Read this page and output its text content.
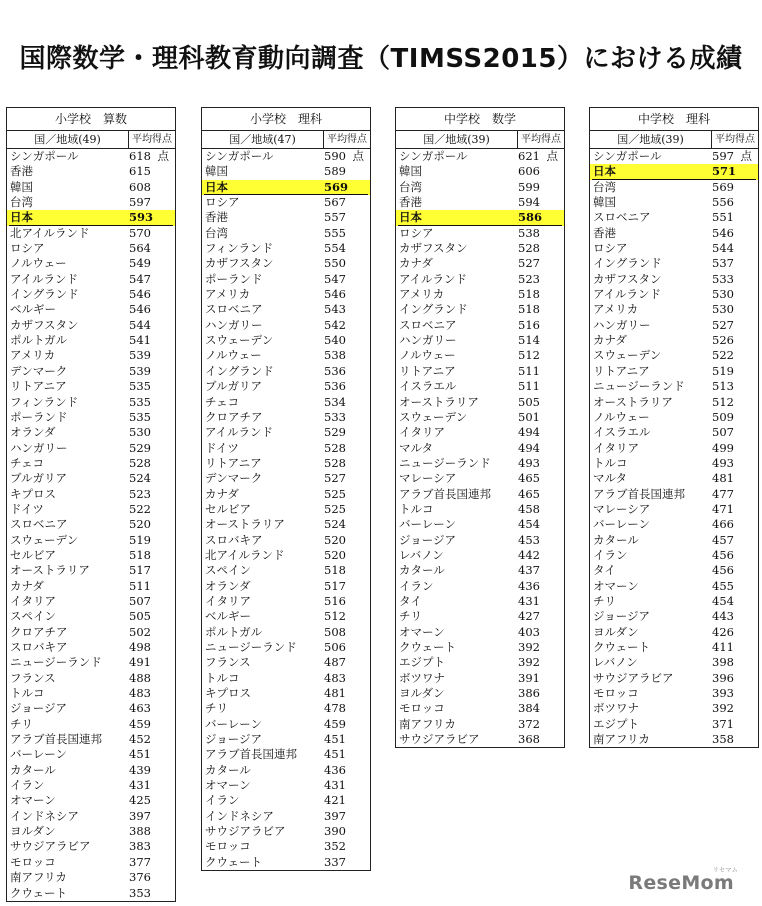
国際数学・理科教育動向調査（TIMSS2015）における成績
小学校　算数
国／地域(49)	平均得点
シンガポール	618 点
香港	615
韓国	608
台湾	597
日本	593
北アイルランド	570
ロシア	564
ノルウェー	549
アイルランド	547
イングランド	546
ベルギー	546
カザフスタン	544
ポルトガル	541
アメリカ	539
デンマーク	539
リトアニア	535
フィンランド	535
ポーランド	535
オランダ	530
ハンガリー	529
チェコ	528
ブルガリア	524
キプロス	523
ドイツ	522
スロベニア	520
スウェーデン	519
セルビア	518
オーストラリア	517
カナダ	511
イタリア	507
スペイン	505
クロアチア	502
スロバキア	498
ニュージーランド	491
フランス	488
トルコ	483
ジョージア	463
チリ	459
アラブ首長国連邦	452
バーレーン	451
カタール	439
イラン	431
オマーン	425
インドネシア	397
ヨルダン	388
サウジアラビア	383
モロッコ	377
南アフリカ	376
クウェート	353
小学校　理科
国／地域(47)	平均得点
シンガポール	590 点
韓国	589
日本	569
ロシア	567
香港	557
台湾	555
フィンランド	554
カザフスタン	550
ポーランド	547
アメリカ	546
スロベニア	543
ハンガリー	542
スウェーデン	540
ノルウェー	538
イングランド	536
ブルガリア	536
チェコ	534
クロアチア	533
アイルランド	529
ドイツ	528
リトアニア	528
デンマーク	527
カナダ	525
セルビア	525
オーストラリア	524
スロバキア	520
北アイルランド	520
スペイン	518
オランダ	517
イタリア	516
ベルギー	512
ポルトガル	508
ニュージーランド	506
フランス	487
トルコ	483
キプロス	481
チリ	478
バーレーン	459
ジョージア	451
アラブ首長国連邦	451
カタール	436
オマーン	431
イラン	421
インドネシア	397
サウジアラビア	390
モロッコ	352
クウェート	337
中学校　数学
国／地域(39)	平均得点
シンガポール	621 点
韓国	606
台湾	599
香港	594
日本	586
ロシア	538
カザフスタン	528
カナダ	527
アイルランド	523
アメリカ	518
イングランド	518
スロベニア	516
ハンガリー	514
ノルウェー	512
リトアニア	511
イスラエル	511
オーストラリア	505
スウェーデン	501
イタリア	494
マルタ	494
ニュージーランド	493
マレーシア	465
アラブ首長国連邦	465
トルコ	458
バーレーン	454
ジョージア	453
レバノン	442
カタール	437
イラン	436
タイ	431
チリ	427
オマーン	403
クウェート	392
エジプト	392
ボツワナ	391
ヨルダン	386
モロッコ	384
南アフリカ	372
サウジアラビア	368
中学校　理科
国／地域(39)	平均得点
シンガポール	597 点
日本	571
台湾	569
韓国	556
スロベニア	551
香港	546
ロシア	544
イングランド	537
カザフスタン	533
アイルランド	530
アメリカ	530
ハンガリー	527
カナダ	526
スウェーデン	522
リトアニア	519
ニュージーランド	513
オーストラリア	512
ノルウェー	509
イスラエル	507
イタリア	499
トルコ	493
マルタ	481
アラブ首長国連邦	477
マレーシア	471
バーレーン	466
カタール	457
イラン	456
タイ	456
オマーン	455
チリ	454
ジョージア	443
ヨルダン	426
クウェート	411
レバノン	398
サウジアラビア	396
モロッコ	393
ボツワナ	392
エジプト	371
南アフリカ	358
ReseMom
リセマム
